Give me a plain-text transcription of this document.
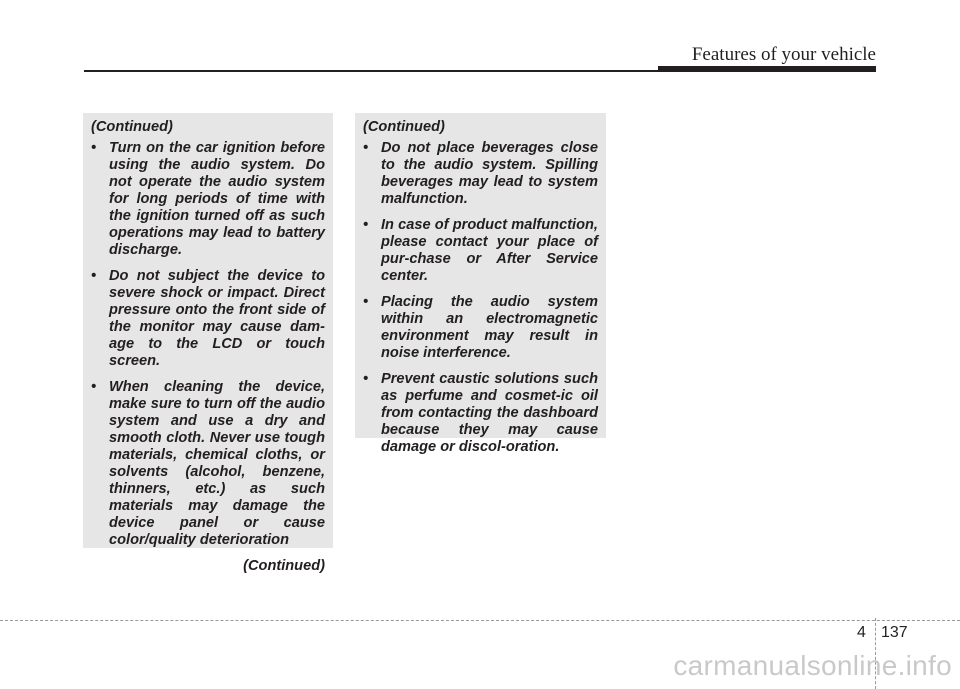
Features of your vehicle
(Continued)
• Turn on the car ignition before using the audio system. Do not operate the audio system for long periods of time with the ignition turned off as such operations may lead to battery discharge.
• Do not subject the device to severe shock or impact. Direct pressure onto the front side of the monitor may cause dam-age to the LCD or touch screen.
• When cleaning the device, make sure to turn off the audio system and use a dry and smooth cloth. Never use tough materials, chemical cloths, or solvents (alcohol, benzene, thinners, etc.) as such materials may damage the device panel or cause color/quality deterioration
(Continued)
(Continued)
• Do not place beverages close to the audio system. Spilling beverages may lead to system malfunction.
• In case of product malfunction, please contact your place of pur-chase or After Service center.
• Placing the audio system within an electromagnetic environment may result in noise interference.
• Prevent caustic solutions such as perfume and cosmet-ic oil from contacting the dashboard because they may cause damage or discol-oration.
4 137
carmanualsonline.info
